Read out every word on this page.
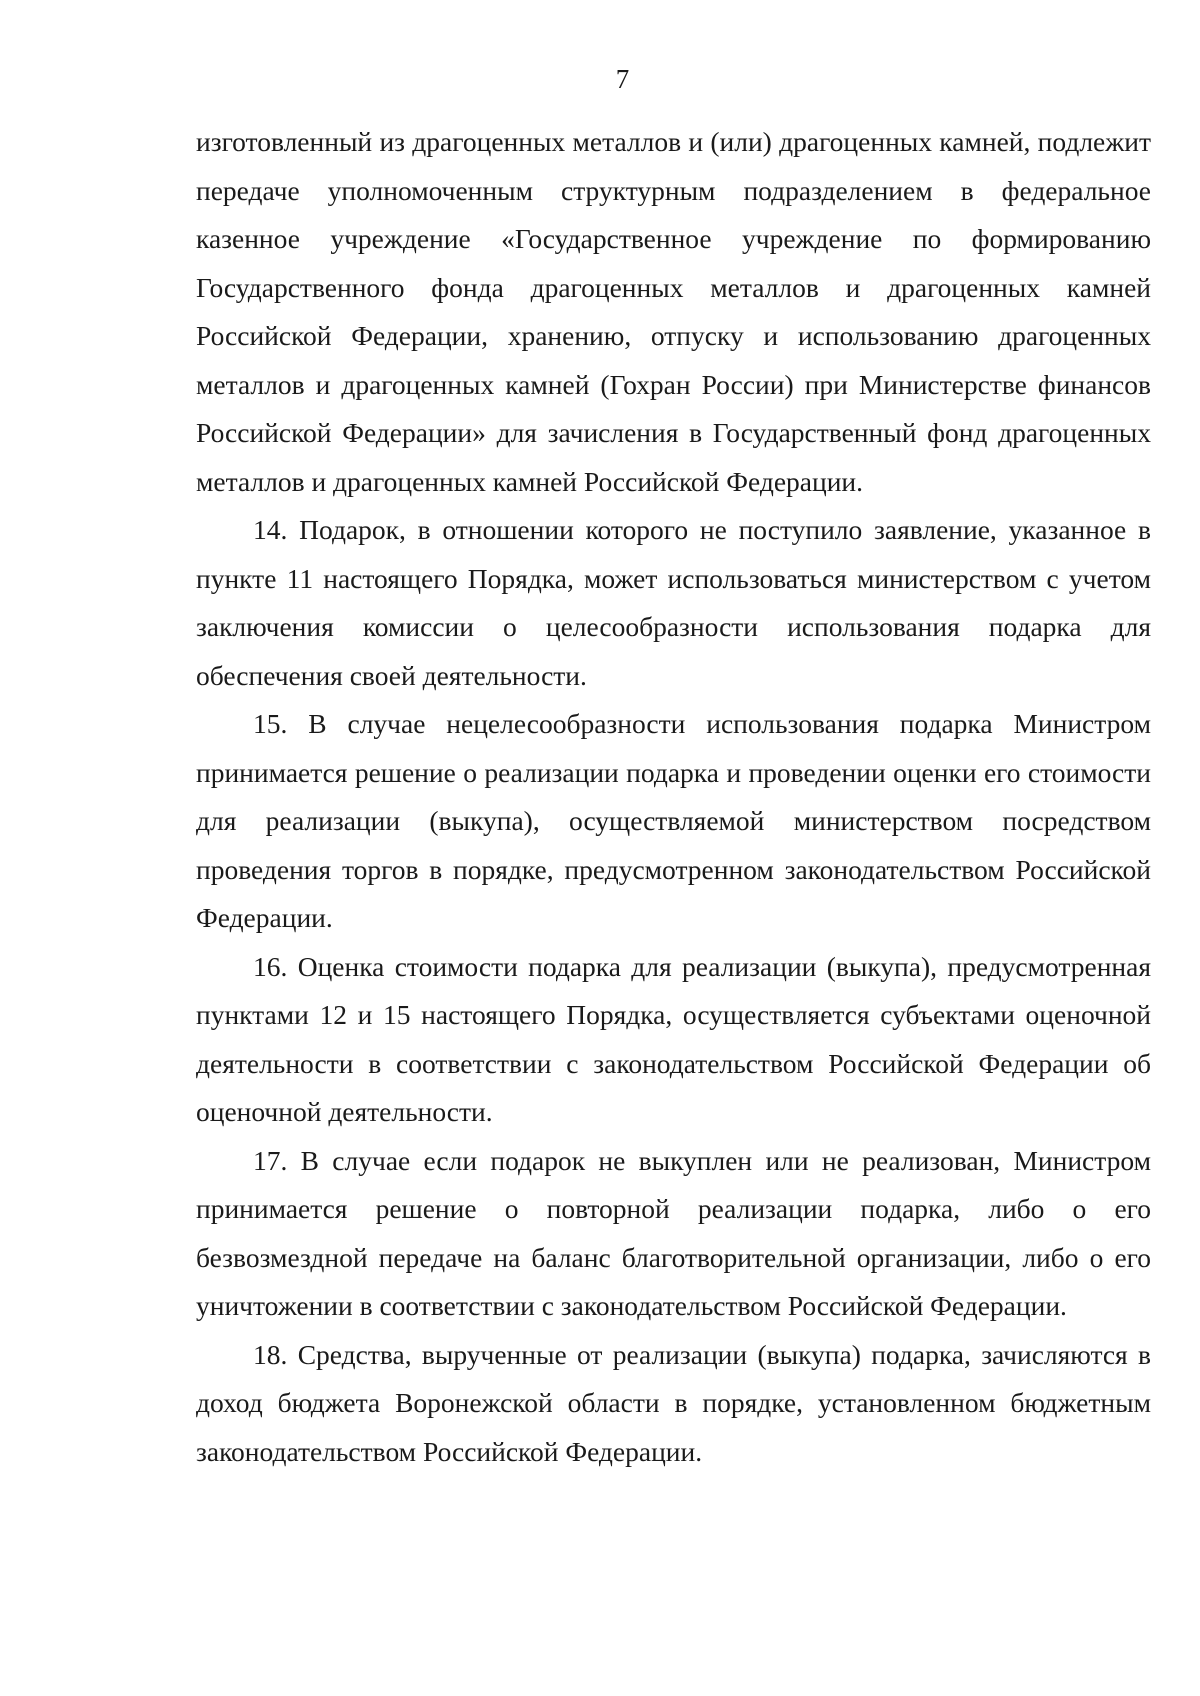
7

изготовленный из драгоценных металлов и (или) драгоценных камней, подлежит передаче уполномоченным структурным подразделением в федеральное казенное учреждение «Государственное учреждение по формированию Государственного фонда драгоценных металлов и драгоценных камней Российской Федерации, хранению, отпуску и использованию драгоценных металлов и драгоценных камней (Гохран России) при Министерстве финансов Российской Федерации» для зачисления в Государственный фонд драгоценных металлов и драгоценных камней Российской Федерации.

14. Подарок, в отношении которого не поступило заявление, указанное в пункте 11 настоящего Порядка, может использоваться министерством с учетом заключения комиссии о целесообразности использования подарка для обеспечения своей деятельности.

15. В случае нецелесообразности использования подарка Министром принимается решение о реализации подарка и проведении оценки его стоимости для реализации (выкупа), осуществляемой министерством посредством проведения торгов в порядке, предусмотренном законодательством Российской Федерации.

16. Оценка стоимости подарка для реализации (выкупа), предусмотренная пунктами 12 и 15 настоящего Порядка, осуществляется субъектами оценочной деятельности в соответствии с законодательством Российской Федерации об оценочной деятельности.

17. В случае если подарок не выкуплен или не реализован, Министром принимается решение о повторной реализации подарка, либо о его безвозмездной передаче на баланс благотворительной организации, либо о его уничтожении в соответствии с законодательством Российской Федерации.

18. Средства, вырученные от реализации (выкупа) подарка, зачисляются в доход бюджета Воронежской области в порядке, установленном бюджетным законодательством Российской Федерации.
